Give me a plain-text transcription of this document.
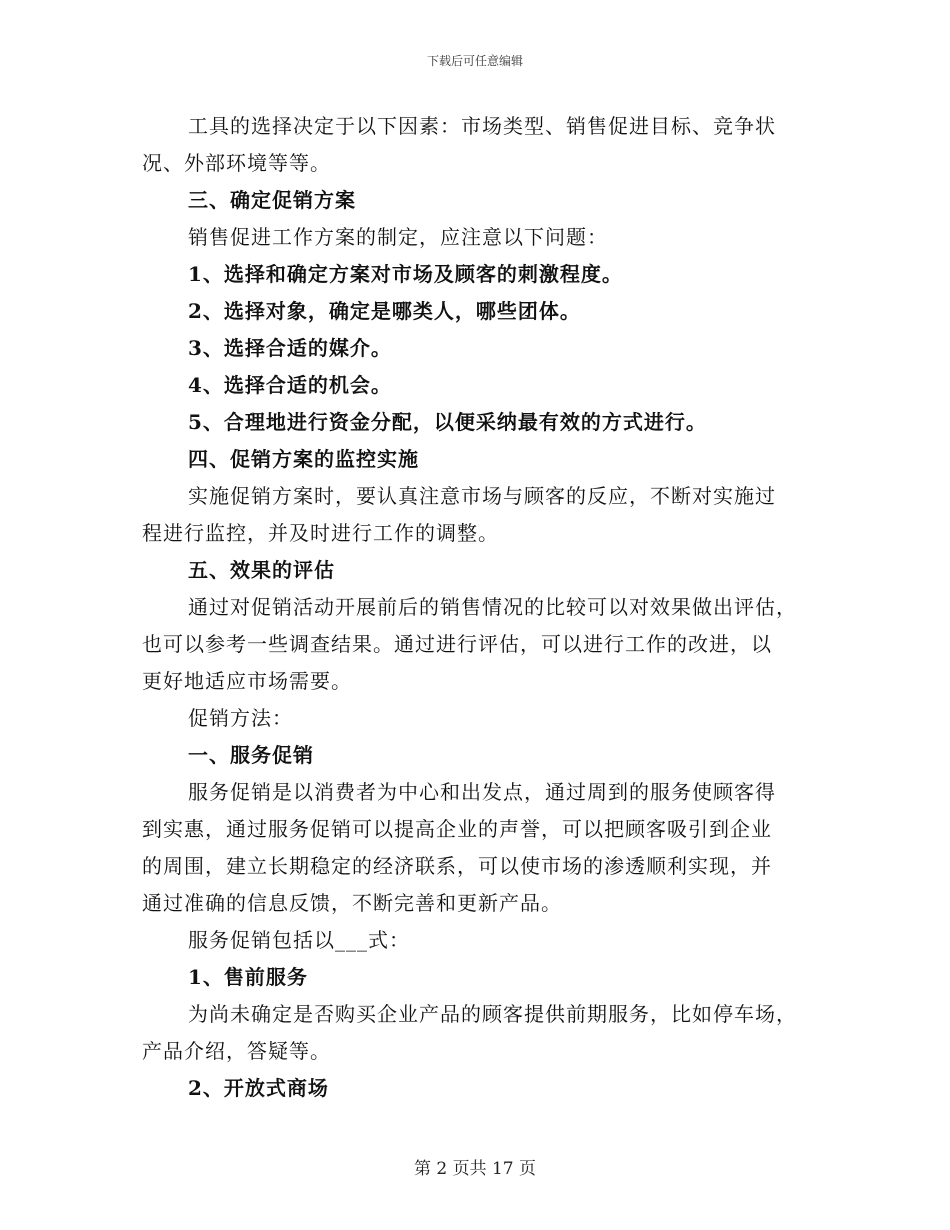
下载后可任意编辑
工具的选择决定于以下因素：市场类型、销售促进目标、竞争状
况、外部环境等等。
三、确定促销方案
销售促进工作方案的制定，应注意以下问题：
1、选择和确定方案对市场及顾客的刺激程度。
2、选择对象，确定是哪类人，哪些团体。
3、选择合适的媒介。
4、选择合适的机会。
5、合理地进行资金分配，以便采纳最有效的方式进行。
四、促销方案的监控实施
实施促销方案时，要认真注意市场与顾客的反应，不断对实施过
程进行监控，并及时进行工作的调整。
五、效果的评估
通过对促销活动开展前后的销售情况的比较可以对效果做出评估，
也可以参考一些调查结果。通过进行评估，可以进行工作的改进，以
更好地适应市场需要。
促销方法：
一、服务促销
服务促销是以消费者为中心和出发点，通过周到的服务使顾客得
到实惠，通过服务促销可以提高企业的声誉，可以把顾客吸引到企业
的周围，建立长期稳定的经济联系，可以使市场的渗透顺利实现，并
通过准确的信息反馈，不断完善和更新产品。
服务促销包括以___式：
1、售前服务
为尚未确定是否购买企业产品的顾客提供前期服务，比如停车场，
产品介绍，答疑等。
2、开放式商场
第 2 页共 17 页
